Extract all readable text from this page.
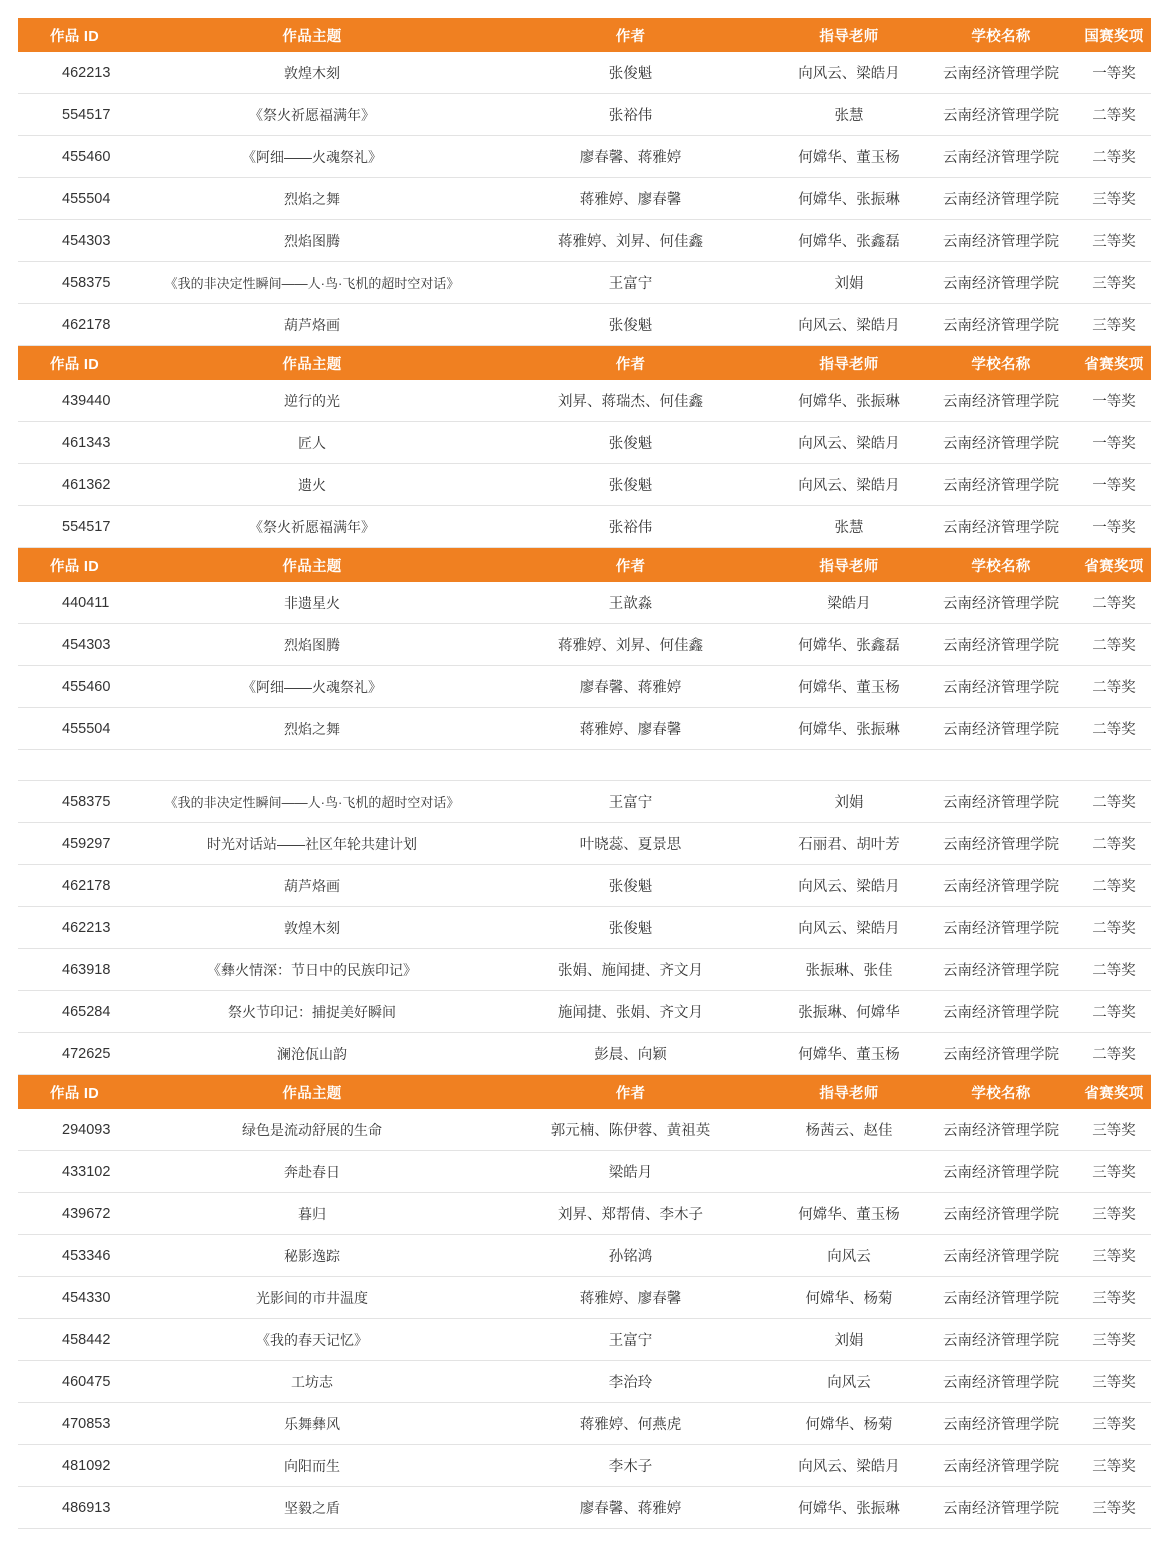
作品 ID	作品主题	作者	指导老师	学校名称	国赛奖项
462213	敦煌木刻	张俊魁	向风云、梁皓月	云南经济管理学院	一等奖
554517	《祭火祈愿福满年》	张裕伟	张慧	云南经济管理学院	二等奖
455460	《阿细——火魂祭礼》	廖春馨、蒋雅婷	何嫦华、董玉杨	云南经济管理学院	二等奖
455504	烈焰之舞	蒋雅婷、廖春馨	何嫦华、张振琳	云南经济管理学院	三等奖
454303	烈焰图腾	蒋雅婷、刘昇、何佳鑫	何嫦华、张鑫磊	云南经济管理学院	三等奖
458375	《我的非决定性瞬间——人·鸟·飞机的超时空对话》	王富宁	刘娟	云南经济管理学院	三等奖
462178	葫芦烙画	张俊魁	向风云、梁皓月	云南经济管理学院	三等奖
作品 ID	作品主题	作者	指导老师	学校名称	省赛奖项
439440	逆行的光	刘昇、蒋瑞杰、何佳鑫	何嫦华、张振琳	云南经济管理学院	一等奖
461343	匠人	张俊魁	向风云、梁皓月	云南经济管理学院	一等奖
461362	遗火	张俊魁	向风云、梁皓月	云南经济管理学院	一等奖
554517	《祭火祈愿福满年》	张裕伟	张慧	云南经济管理学院	一等奖
作品 ID	作品主题	作者	指导老师	学校名称	省赛奖项
440411	非遗星火	王歆淼	梁皓月	云南经济管理学院	二等奖
454303	烈焰图腾	蒋雅婷、刘昇、何佳鑫	何嫦华、张鑫磊	云南经济管理学院	二等奖
455460	《阿细——火魂祭礼》	廖春馨、蒋雅婷	何嫦华、董玉杨	云南经济管理学院	二等奖
455504	烈焰之舞	蒋雅婷、廖春馨	何嫦华、张振琳	云南经济管理学院	二等奖

458375	《我的非决定性瞬间——人·鸟·飞机的超时空对话》	王富宁	刘娟	云南经济管理学院	二等奖
459297	时光对话站——社区年轮共建计划	叶晓蕊、夏景思	石丽君、胡叶芳	云南经济管理学院	二等奖
462178	葫芦烙画	张俊魁	向风云、梁皓月	云南经济管理学院	二等奖
462213	敦煌木刻	张俊魁	向风云、梁皓月	云南经济管理学院	二等奖
463918	《彝火情深：节日中的民族印记》	张娟、施闻捷、齐文月	张振琳、张佳	云南经济管理学院	二等奖
465284	祭火节印记：捕捉美好瞬间	施闻捷、张娟、齐文月	张振琳、何嫦华	云南经济管理学院	二等奖
472625	澜沧佤山韵	彭晨、向颖	何嫦华、董玉杨	云南经济管理学院	二等奖
作品 ID	作品主题	作者	指导老师	学校名称	省赛奖项
294093	绿色是流动舒展的生命	郭元楠、陈伊蓉、黄祖英	杨茜云、赵佳	云南经济管理学院	三等奖
433102	奔赴春日	梁皓月		云南经济管理学院	三等奖
439672	暮归	刘昇、郑帮倩、李木子	何嫦华、董玉杨	云南经济管理学院	三等奖
453346	秘影逸踪	孙铭鸿	向风云	云南经济管理学院	三等奖
454330	光影间的市井温度	蒋雅婷、廖春馨	何嫦华、杨菊	云南经济管理学院	三等奖
458442	《我的春天记忆》	王富宁	刘娟	云南经济管理学院	三等奖
460475	工坊志	李治玲	向风云	云南经济管理学院	三等奖
470853	乐舞彝风	蒋雅婷、何燕虎	何嫦华、杨菊	云南经济管理学院	三等奖
481092	向阳而生	李木子	向风云、梁皓月	云南经济管理学院	三等奖
486913	坚毅之盾	廖春馨、蒋雅婷	何嫦华、张振琳	云南经济管理学院	三等奖
